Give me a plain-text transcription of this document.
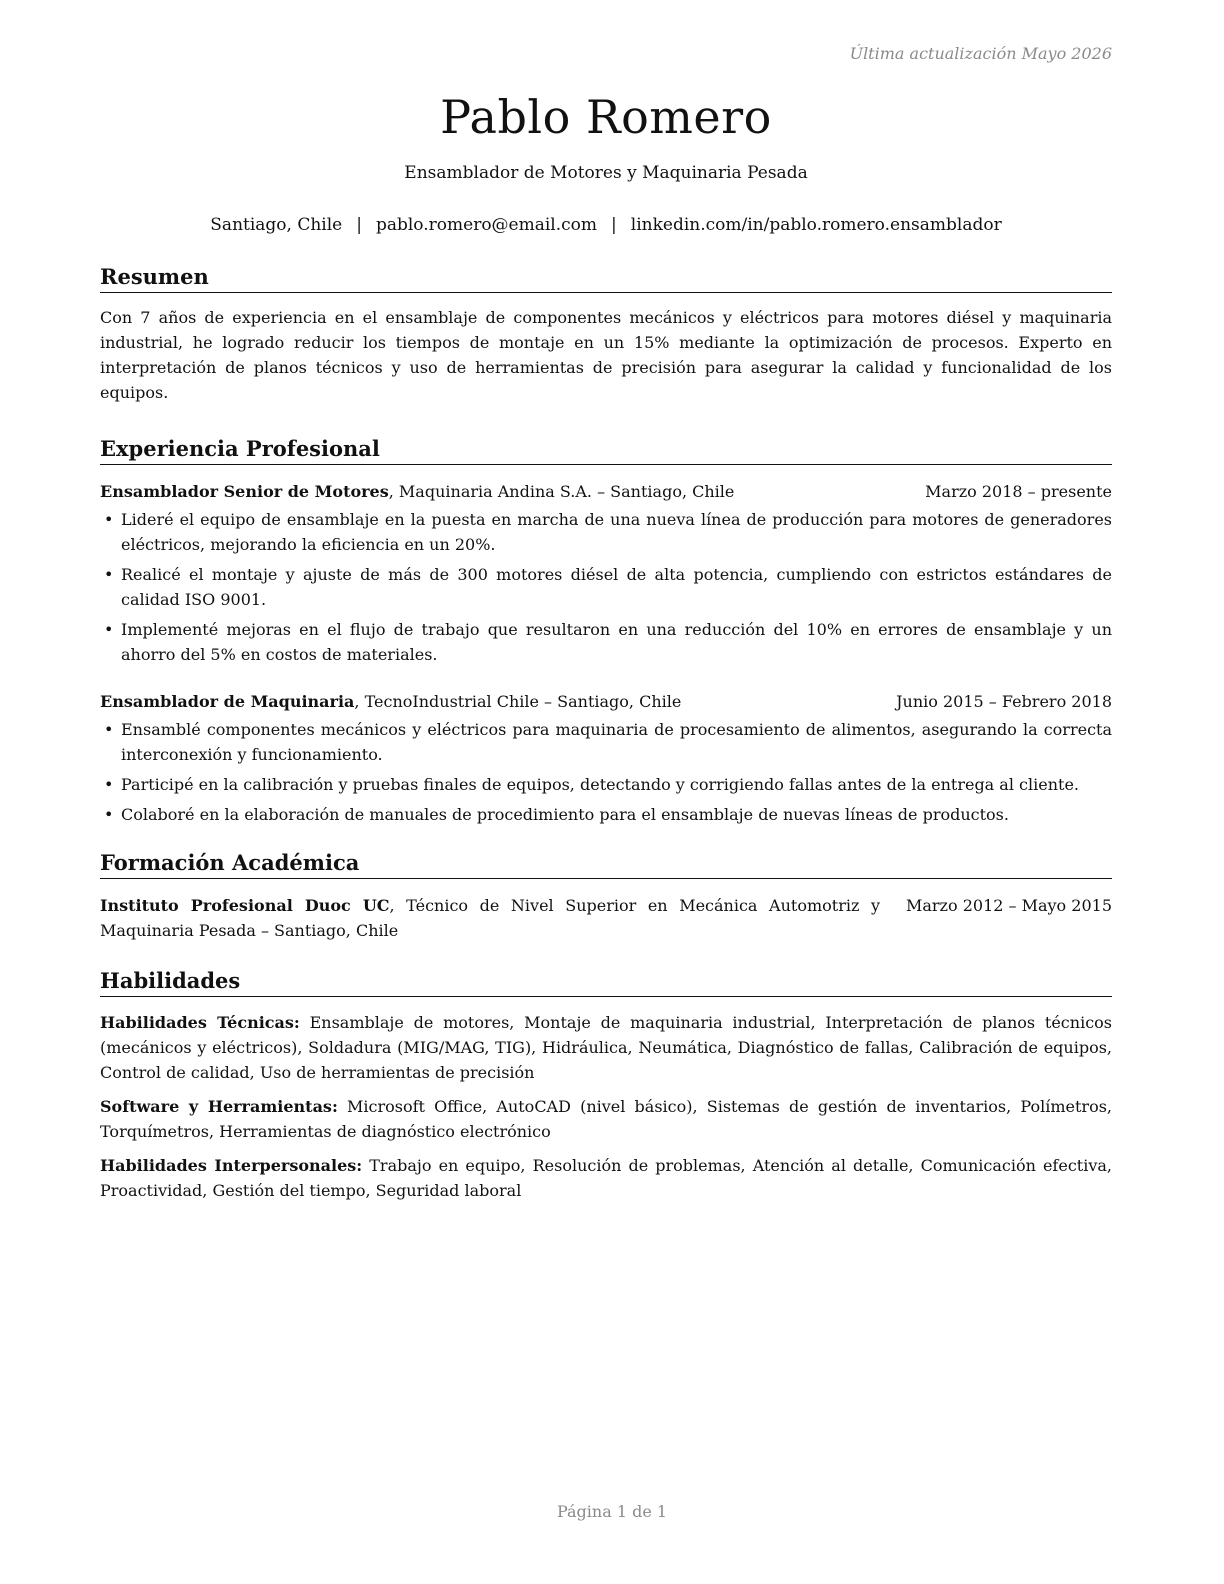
Última actualización Mayo 2026
Pablo Romero
Ensamblador de Motores y Maquinaria Pesada
Santiago, Chile | pablo.romero@email.com | linkedin.com/in/pablo.romero.ensamblador
Resumen

Con 7 años de experiencia en el ensamblaje de componentes mecánicos y eléctricos para motores diésel y maquinaria industrial, he logrado reducir los tiempos de montaje en un 15% mediante la optimización de procesos. Experto en interpretación de planos técnicos y uso de herramientas de precisión para asegurar la calidad y funcionalidad de los equipos.

Experiencia Profesional
Ensamblador Senior de Motores, Maquinaria Andina S.A. – Santiago, Chile	Marzo 2018 – presente
• Lideré el equipo de ensamblaje en la puesta en marcha de una nueva línea de producción para motores de generadores eléctricos, mejorando la eficiencia en un 20%.
• Realicé el montaje y ajuste de más de 300 motores diésel de alta potencia, cumpliendo con estrictos estándares de calidad ISO 9001.
• Implementé mejoras en el flujo de trabajo que resultaron en una reducción del 10% en errores de ensamblaje y un ahorro del 5% en costos de materiales.
Ensamblador de Maquinaria, TecnoIndustrial Chile – Santiago, Chile	Junio 2015 – Febrero 2018
• Ensamblé componentes mecánicos y eléctricos para maquinaria de procesamiento de alimentos, asegurando la correcta interconexión y funcionamiento.
• Participé en la calibración y pruebas finales de equipos, detectando y corrigiendo fallas antes de la entrega al cliente.
• Colaboré en la elaboración de manuales de procedimiento para el ensamblaje de nuevas líneas de productos.
Formación Académica
Instituto Profesional Duoc UC, Técnico de Nivel Superior en Mecánica Automotriz y Maquinaria Pesada – Santiago, Chile
Marzo 2012 – Mayo 2015
Habilidades
Habilidades Técnicas: Ensamblaje de motores, Montaje de maquinaria industrial, Interpretación de planos técnicos (mecánicos y eléctricos), Soldadura (MIG/MAG, TIG), Hidráulica, Neumática, Diagnóstico de fallas, Calibración de equipos, Control de calidad, Uso de herramientas de precisión
Software y Herramientas: Microsoft Office, AutoCAD (nivel básico), Sistemas de gestión de inventarios, Polímetros, Torquímetros, Herramientas de diagnóstico electrónico
Habilidades Interpersonales: Trabajo en equipo, Resolución de problemas, Atención al detalle, Comunicación efectiva, Proactividad, Gestión del tiempo, Seguridad laboral
Página 1 de 1
